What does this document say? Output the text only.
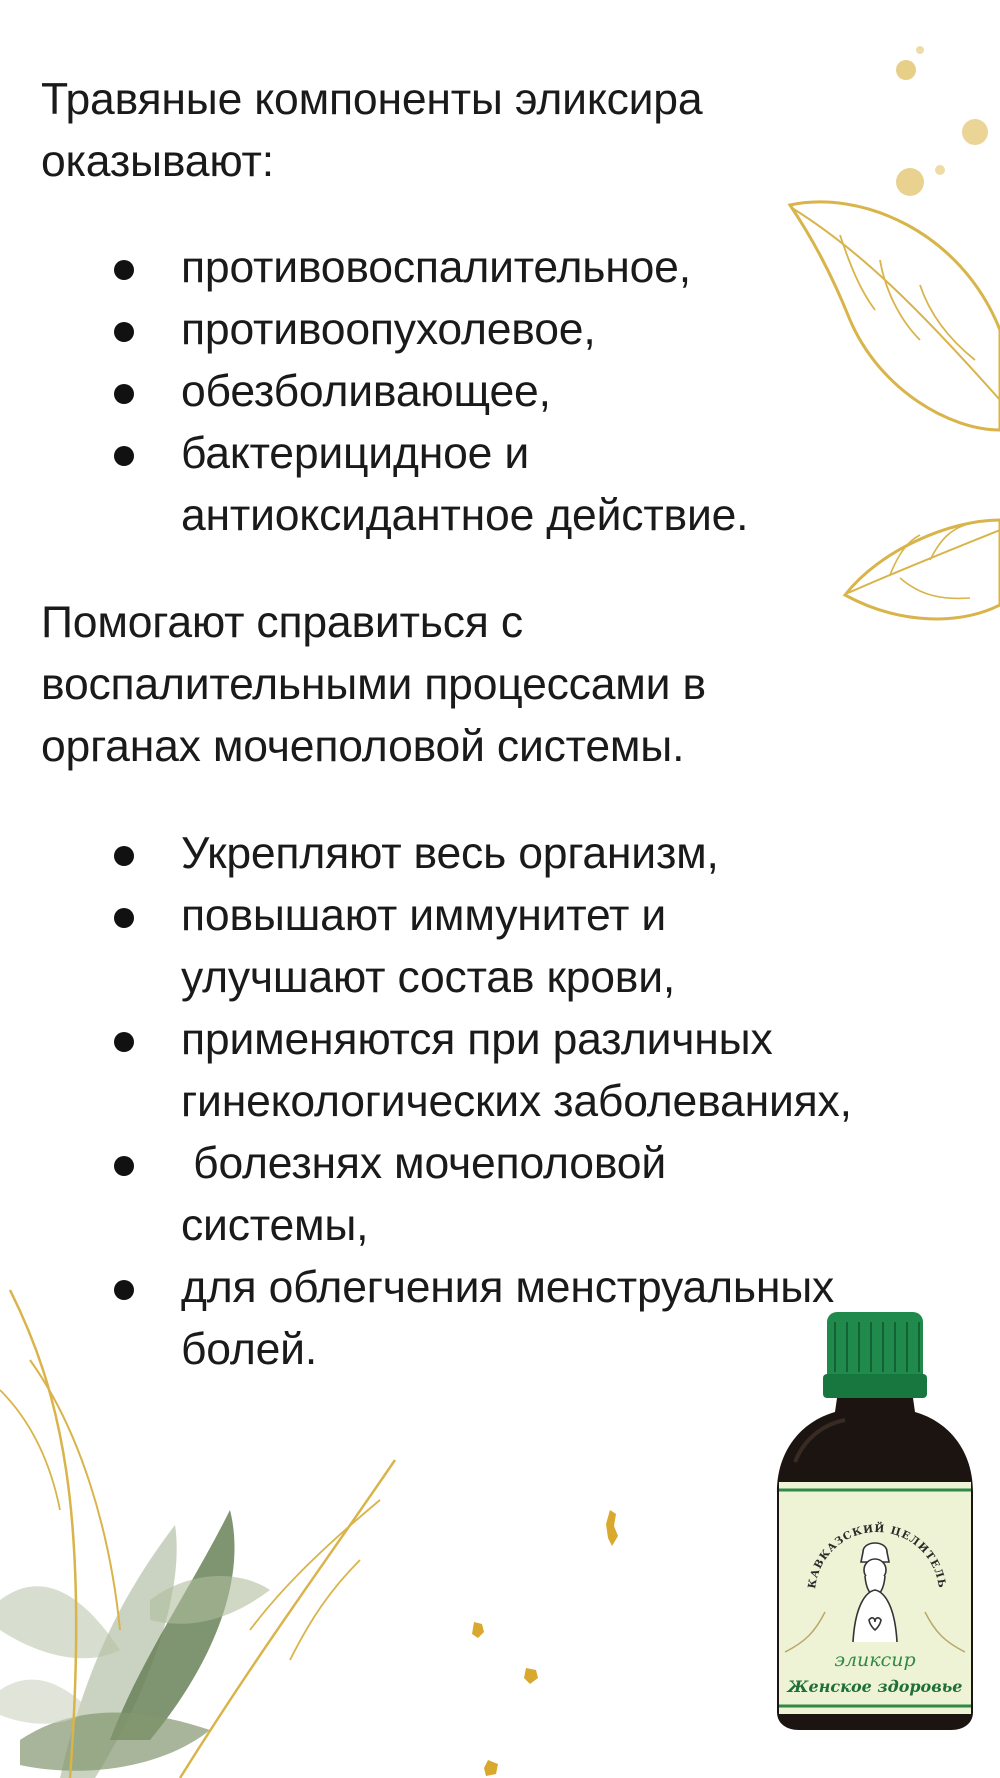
Травяные компоненты эликсира
оказывают:

противовоспалительное,
противоопухолевое,
обезболивающее,
бактерицидное и
антиоксидантное действие.

Помогают справиться с
воспалительными процессами в
органах мочеполовой системы.

Укрепляют весь организм,
повышают иммунитет и
улучшают состав крови,
применяются при различных
гинекологических заболеваниях,
болезнях мочеполовой
системы,
для облегчения менструальных
болей.
КАВКАЗСКИЙ ЦЕЛИТЕЛЬ
эликсир
Женское здоровье
